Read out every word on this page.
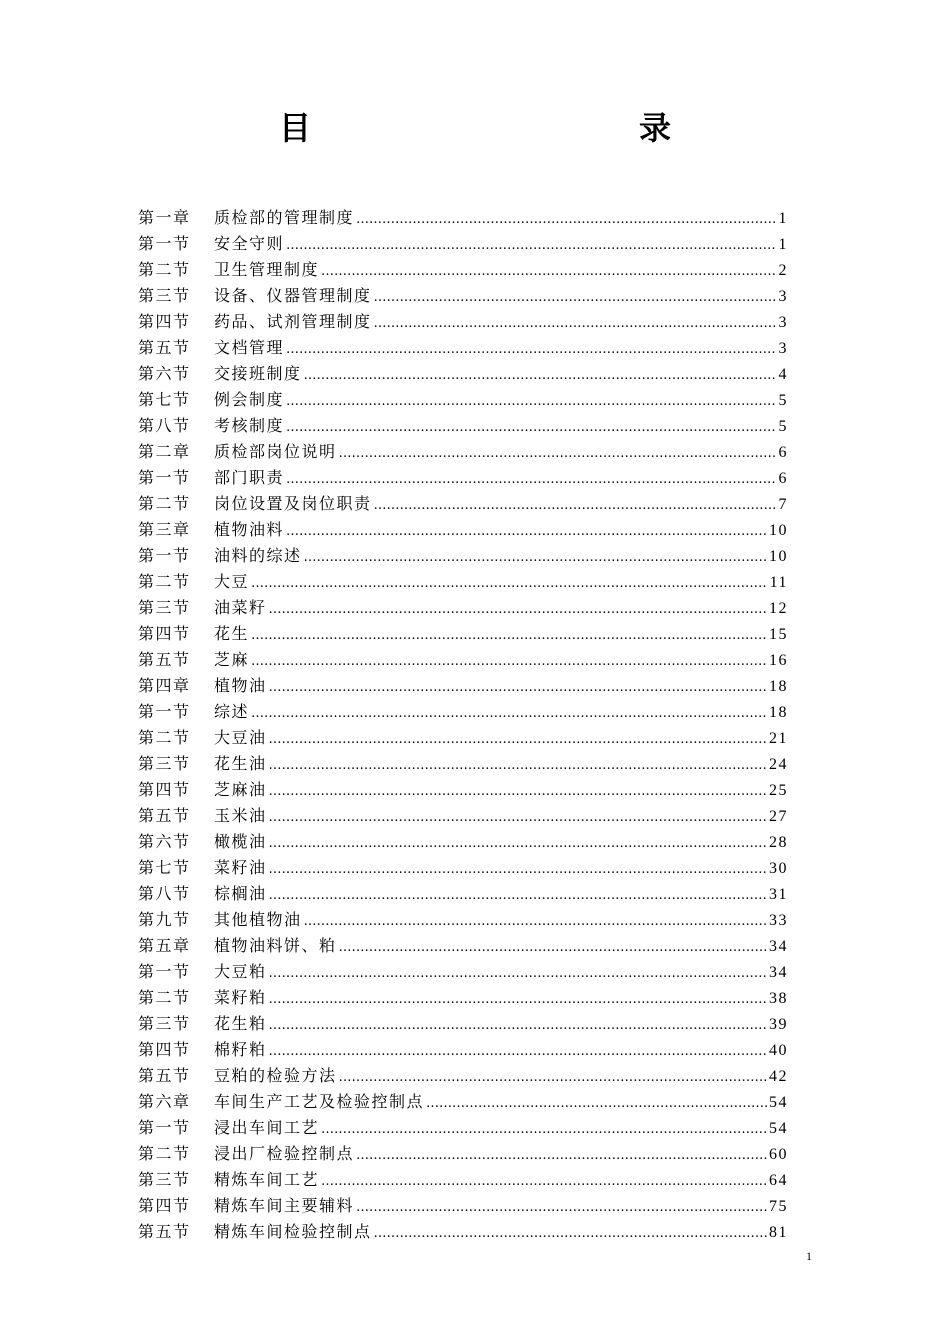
目　　录
第一章	质检部的管理制度 …………………………………………………………………………………………………………………………………………………………………………………………	1
第一节	安全守则 …………………………………………………………………………………………………………………………………………………………………………………………	1
第二节	卫生管理制度 …………………………………………………………………………………………………………………………………………………………………………………………	2
第三节	设备、仪器管理制度 …………………………………………………………………………………………………………………………………………………………………………………………	3
第四节	药品、试剂管理制度 …………………………………………………………………………………………………………………………………………………………………………………………	3
第五节	文档管理 …………………………………………………………………………………………………………………………………………………………………………………………	3
第六节	交接班制度 …………………………………………………………………………………………………………………………………………………………………………………………	4
第七节	例会制度 …………………………………………………………………………………………………………………………………………………………………………………………	5
第八节	考核制度 …………………………………………………………………………………………………………………………………………………………………………………………	5
第二章	质检部岗位说明 …………………………………………………………………………………………………………………………………………………………………………………………	6
第一节	部门职责 …………………………………………………………………………………………………………………………………………………………………………………………	6
第二节	岗位设置及岗位职责 …………………………………………………………………………………………………………………………………………………………………………………………	7
第三章	植物油料 …………………………………………………………………………………………………………………………………………………………………………………………	10
第一节	油料的综述 …………………………………………………………………………………………………………………………………………………………………………………………	10
第二节	大豆 …………………………………………………………………………………………………………………………………………………………………………………………	11
第三节	油菜籽 …………………………………………………………………………………………………………………………………………………………………………………………	12
第四节	花生 …………………………………………………………………………………………………………………………………………………………………………………………	15
第五节	芝麻 …………………………………………………………………………………………………………………………………………………………………………………………	16
第四章	植物油 …………………………………………………………………………………………………………………………………………………………………………………………	18
第一节	综述 …………………………………………………………………………………………………………………………………………………………………………………………	18
第二节	大豆油 …………………………………………………………………………………………………………………………………………………………………………………………	21
第三节	花生油 …………………………………………………………………………………………………………………………………………………………………………………………	24
第四节	芝麻油 …………………………………………………………………………………………………………………………………………………………………………………………	25
第五节	玉米油 …………………………………………………………………………………………………………………………………………………………………………………………	27
第六节	橄榄油 …………………………………………………………………………………………………………………………………………………………………………………………	28
第七节	菜籽油 …………………………………………………………………………………………………………………………………………………………………………………………	30
第八节	棕榈油 …………………………………………………………………………………………………………………………………………………………………………………………	31
第九节	其他植物油 …………………………………………………………………………………………………………………………………………………………………………………………	33
第五章	植物油料饼、粕 …………………………………………………………………………………………………………………………………………………………………………………………	34
第一节	大豆粕 …………………………………………………………………………………………………………………………………………………………………………………………	34
第二节	菜籽粕 …………………………………………………………………………………………………………………………………………………………………………………………	38
第三节	花生粕 …………………………………………………………………………………………………………………………………………………………………………………………	39
第四节	棉籽粕 …………………………………………………………………………………………………………………………………………………………………………………………	40
第五节	豆粕的检验方法 …………………………………………………………………………………………………………………………………………………………………………………………	42
第六章	车间生产工艺及检验控制点 …………………………………………………………………………………………………………………………………………………………………………………………	54
第一节	浸出车间工艺 …………………………………………………………………………………………………………………………………………………………………………………………	54
第二节	浸出厂检验控制点 …………………………………………………………………………………………………………………………………………………………………………………………	60
第三节	精炼车间工艺 …………………………………………………………………………………………………………………………………………………………………………………………	64
第四节	精炼车间主要辅料 …………………………………………………………………………………………………………………………………………………………………………………………	75
第五节	精炼车间检验控制点 …………………………………………………………………………………………………………………………………………………………………………………………	81
1
